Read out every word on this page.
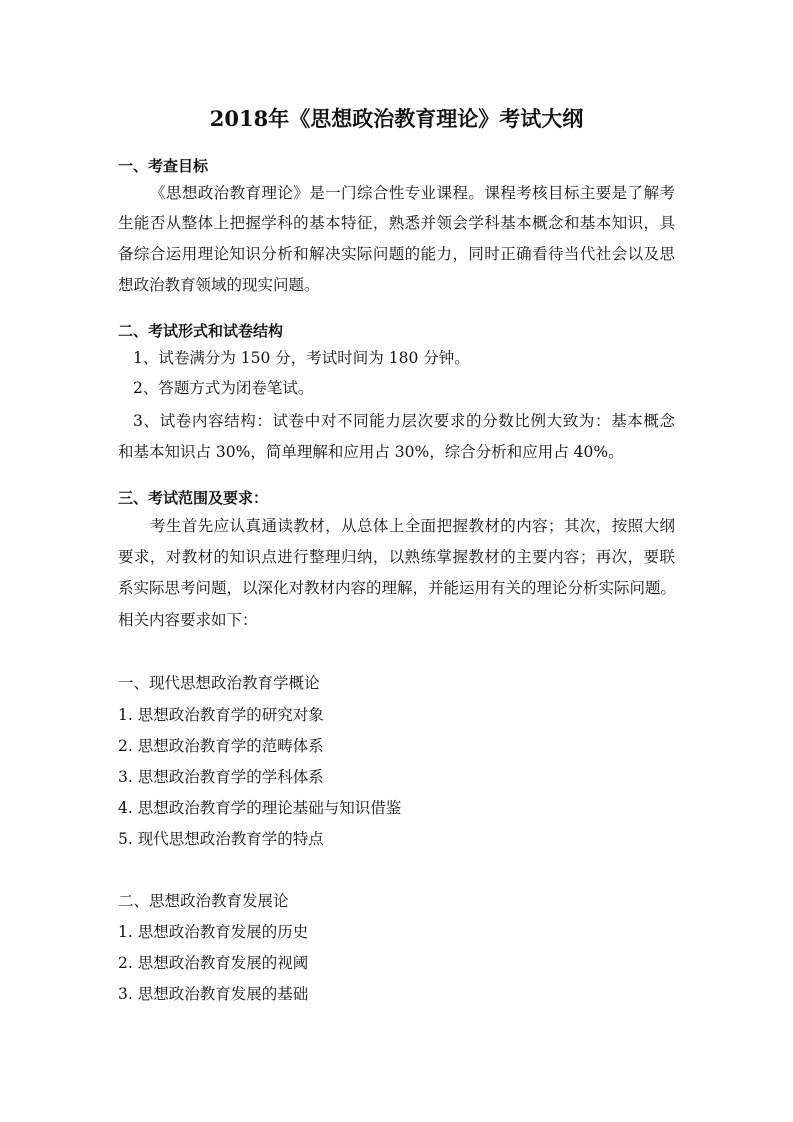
2018年《思想政治教育理论》考试大纲
一、考查目标
《思想政治教育理论》是一门综合性专业课程。课程考核目标主要是了解考
生能否从整体上把握学科的基本特征，熟悉并领会学科基本概念和基本知识，具
备综合运用理论知识分析和解决实际问题的能力，同时正确看待当代社会以及思
想政治教育领域的现实问题。
二、考试形式和试卷结构
1、试卷满分为 150 分，考试时间为 180 分钟。
2、答题方式为闭卷笔试。
3、试卷内容结构：试卷中对不同能力层次要求的分数比例大致为：基本概念
和基本知识占 30%，简单理解和应用占 30%，综合分析和应用占 40%。
三、考试范围及要求：
考生首先应认真通读教材，从总体上全面把握教材的内容；其次，按照大纲
要求，对教材的知识点进行整理归纳，以熟练掌握教材的主要内容；再次，要联
系实际思考问题，以深化对教材内容的理解，并能运用有关的理论分析实际问题。
相关内容要求如下：
一、现代思想政治教育学概论
1. 思想政治教育学的研究对象
2. 思想政治教育学的范畴体系
3. 思想政治教育学的学科体系
4. 思想政治教育学的理论基础与知识借鉴
5. 现代思想政治教育学的特点
二、思想政治教育发展论
1. 思想政治教育发展的历史
2. 思想政治教育发展的视阈
3. 思想政治教育发展的基础
